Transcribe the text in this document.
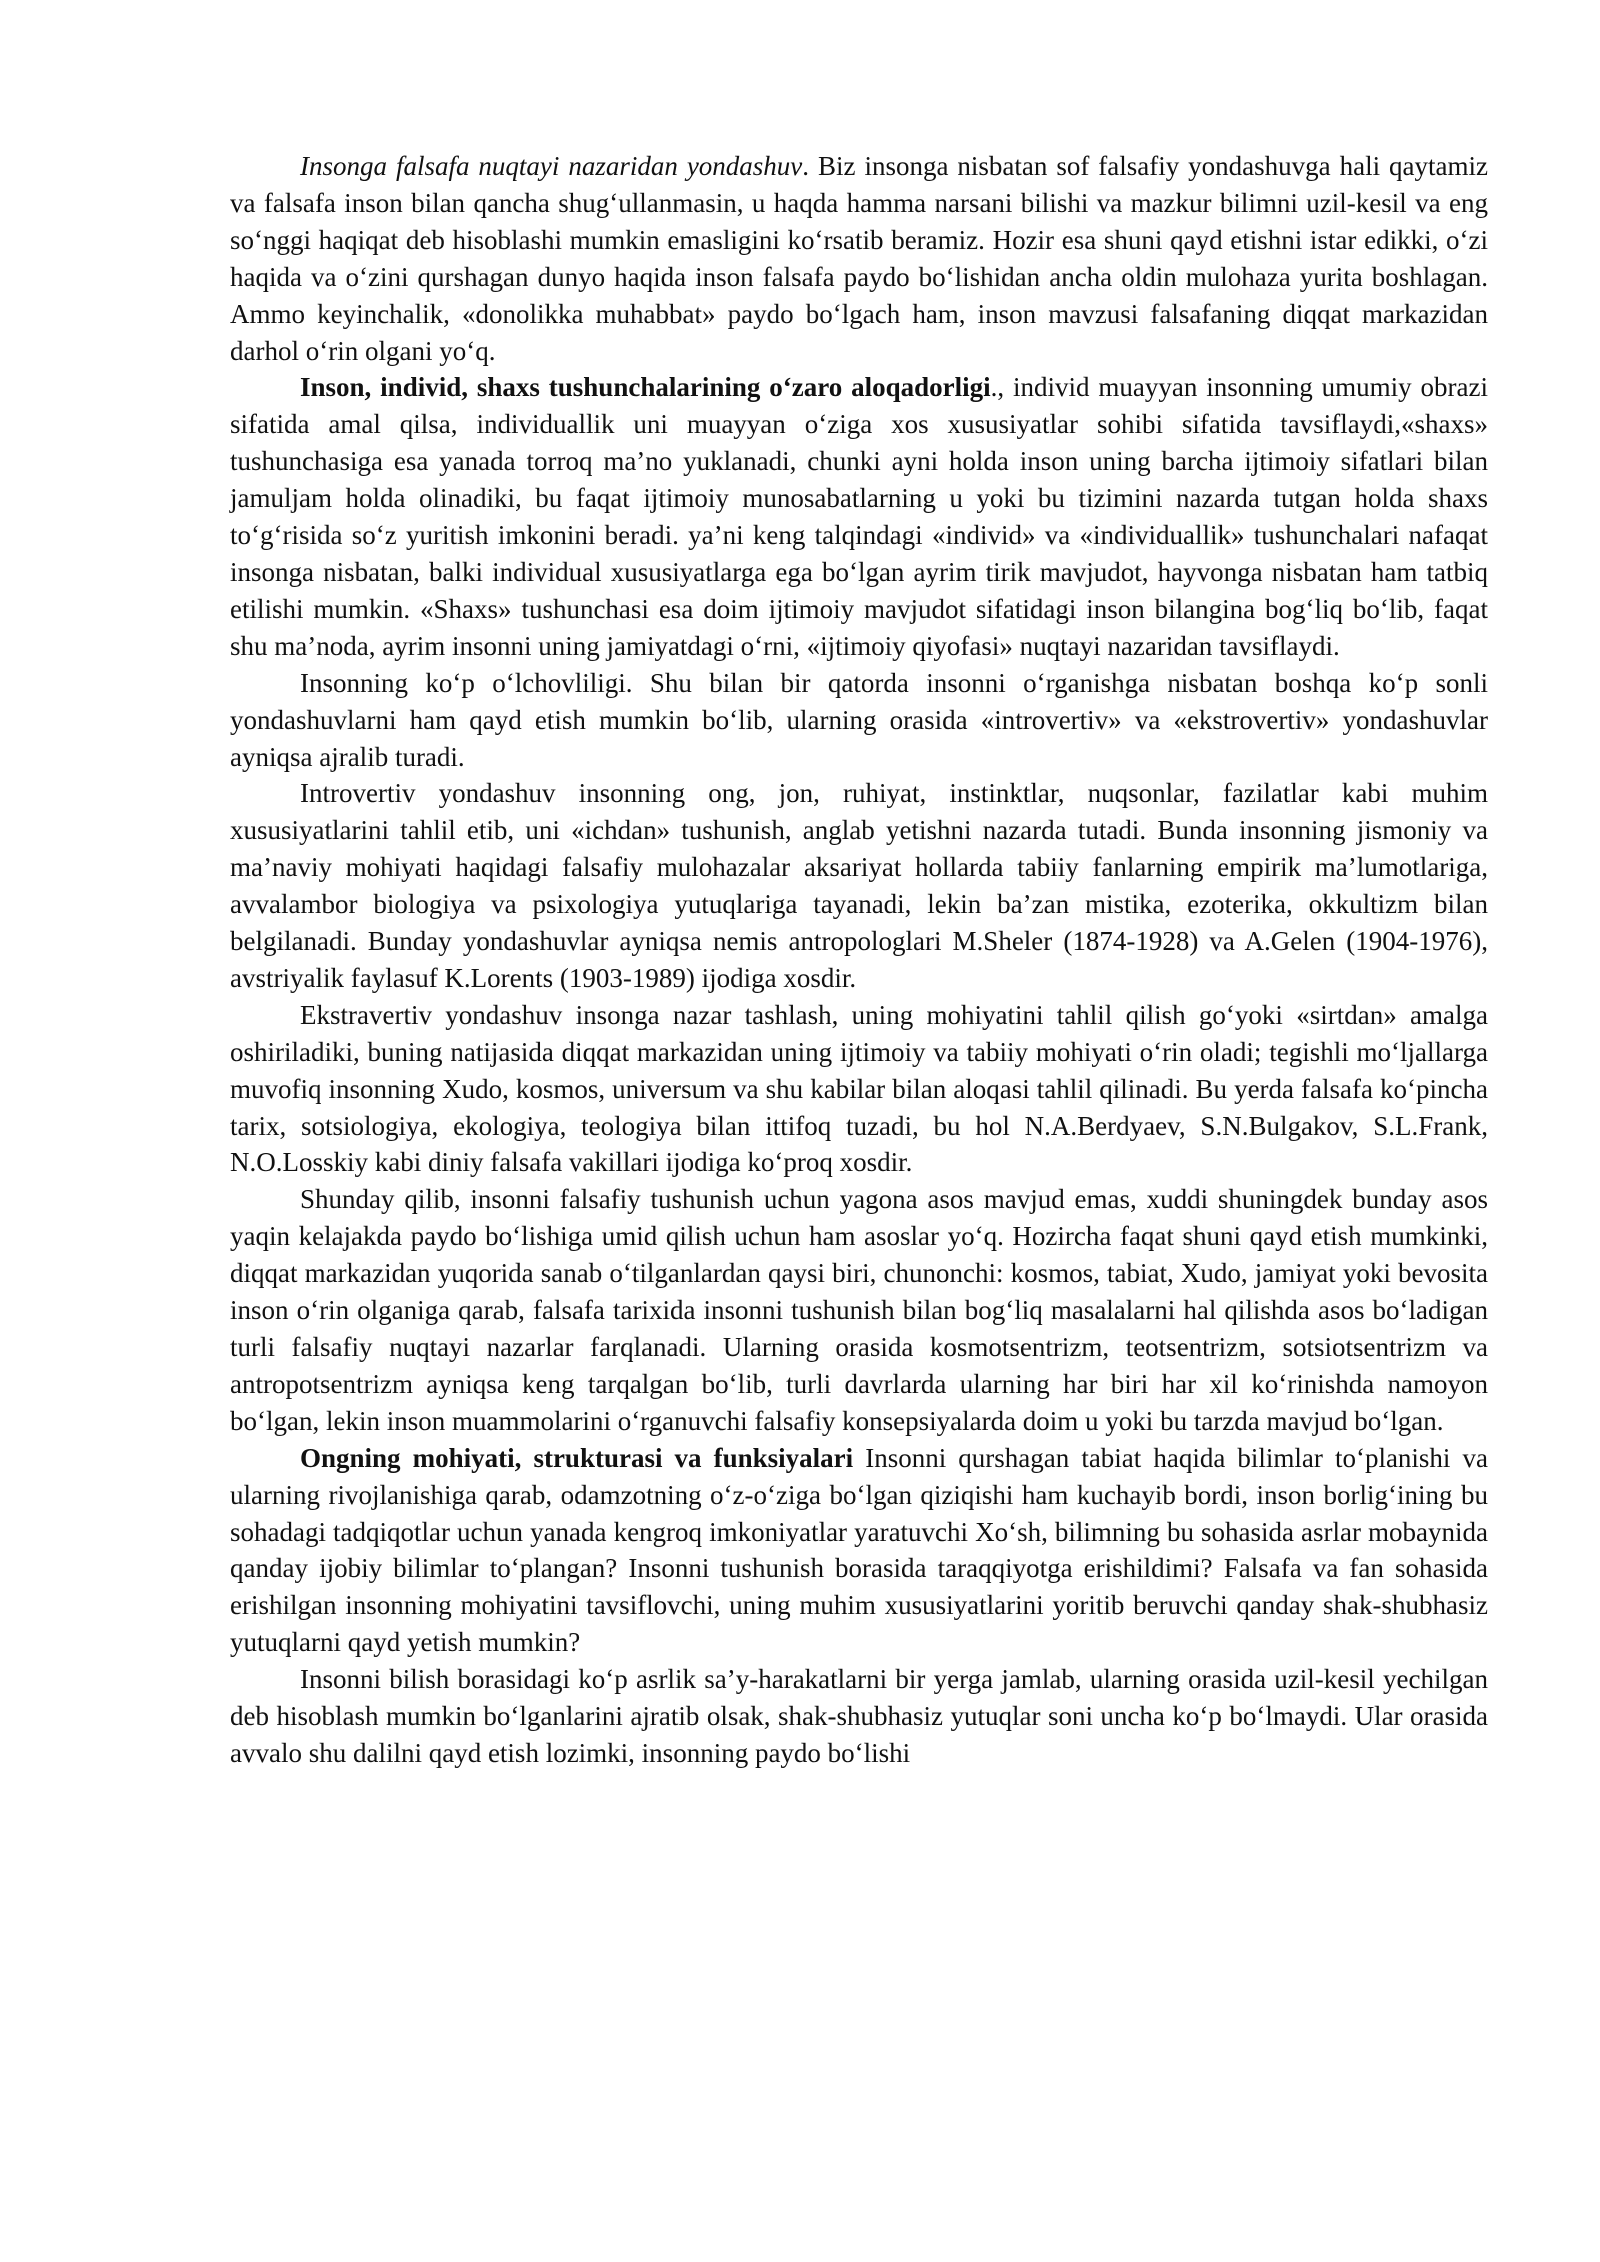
Insonga falsafa nuqtayi nazaridan yondashuv. Biz insonga nisbatan sof falsafiy yondashuvga hali qaytamiz va falsafa inson bilan qancha shug‘ullanmasin, u haqda hamma narsani bilishi va mazkur bilimni uzil-kesil va eng so‘nggi haqiqat deb hisoblashi mumkin emasligini ko‘rsatib beramiz. Hozir esa shuni qayd etishni istar edikki, o‘zi haqida va o‘zini qurshagan dunyo haqida inson falsafa paydo bo‘lishidan ancha oldin mulohaza yurita boshlagan. Ammo keyinchalik, «donolikka muhabbat» paydo bo‘lgach ham, inson mavzusi falsafaning diqqat markazidan darhol o‘rin olgani yo‘q.

Inson, individ, shaxs tushunchalarining o‘zaro aloqadorligi., individ muayyan insonning umumiy obrazi sifatida amal qilsa, individuallik uni muayyan o‘ziga xos xususiyatlar sohibi sifatida tavsiflaydi,«shaxs» tushunchasiga esa yanada torroq ma’no yuklanadi, chunki ayni holda inson uning barcha ijtimoiy sifatlari bilan jamuljam holda olinadiki, bu faqat ijtimoiy munosabatlarning u yoki bu tizimini nazarda tutgan holda shaxs to‘g‘risida so‘z yuritish imkonini beradi. ya’ni keng talqindagi «individ» va «individuallik» tushunchalari nafaqat insonga nisbatan, balki individual xususiyatlarga ega bo‘lgan ayrim tirik mavjudot, hayvonga nisbatan ham tatbiq etilishi mumkin. «Shaxs» tushunchasi esa doim ijtimoiy mavjudot sifatidagi inson bilangina bog‘liq bo‘lib, faqat shu ma’noda, ayrim insonni uning jamiyatdagi o‘rni, «ijtimoiy qiyofasi» nuqtayi nazaridan tavsiflaydi.

Insonning ko‘p o‘lchovliligi. Shu bilan bir qatorda insonni o‘rganishga nisbatan boshqa ko‘p sonli yondashuvlarni ham qayd etish mumkin bo‘lib, ularning orasida «introvertiv» va «ekstrovertiv» yondashuvlar ayniqsa ajralib turadi.

Introvertiv yondashuv insonning ong, jon, ruhiyat, instinktlar, nuqsonlar, fazilatlar kabi muhim xususiyatlarini tahlil etib, uni «ichdan» tushunish, anglab yetishni nazarda tutadi. Bunda insonning jismoniy va ma’naviy mohiyati haqidagi falsafiy mulohazalar aksariyat hollarda tabiiy fanlarning empirik ma’lumotlariga, avvalambor biologiya va psixologiya yutuqlariga tayanadi, lekin ba’zan mistika, ezoterika, okkultizm bilan belgilanadi. Bunday yondashuvlar ayniqsa nemis antropologlari M.Sheler (1874-1928) va A.Gelen (1904-1976), avstriyalik faylasuf K.Lorents (1903-1989) ijodiga xosdir.

Ekstravertiv yondashuv insonga nazar tashlash, uning mohiyatini tahlil qilish go‘yoki «sirtdan» amalga oshiriladiki, buning natijasida diqqat markazidan uning ijtimoiy va tabiiy mohiyati o‘rin oladi; tegishli mo‘ljallarga muvofiq insonning Xudo, kosmos, universum va shu kabilar bilan aloqasi tahlil qilinadi. Bu yerda falsafa ko‘pincha tarix, sotsiologiya, ekologiya, teologiya bilan ittifoq tuzadi, bu hol N.A.Berdyaev, S.N.Bulgakov, S.L.Frank, N.O.Losskiy kabi diniy falsafa vakillari ijodiga ko‘proq xosdir.

Shunday qilib, insonni falsafiy tushunish uchun yagona asos mavjud emas, xuddi shuningdek bunday asos yaqin kelajakda paydo bo‘lishiga umid qilish uchun ham asoslar yo‘q. Hozircha faqat shuni qayd etish mumkinki, diqqat markazidan yuqorida sanab o‘tilganlardan qaysi biri, chunonchi: kosmos, tabiat, Xudo, jamiyat yoki bevosita inson o‘rin olganiga qarab, falsafa tarixida insonni tushunish bilan bog‘liq masalalarni hal qilishda asos bo‘ladigan turli falsafiy nuqtayi nazarlar farqlanadi. Ularning orasida kosmotsentrizm, teotsentrizm, sotsiotsentrizm va antropotsentrizm ayniqsa keng tarqalgan bo‘lib, turli davrlarda ularning har biri har xil ko‘rinishda namoyon bo‘lgan, lekin inson muammolarini o‘rganuvchi falsafiy konsepsiyalarda doim u yoki bu tarzda mavjud bo‘lgan.

Ongning mohiyati, strukturasi va funksiyalari Insonni qurshagan tabiat haqida bilimlar to‘planishi va ularning rivojlanishiga qarab, odamzotning o‘z-o‘ziga bo‘lgan qiziqishi ham kuchayib bordi, inson borlig‘ining bu sohadagi tadqiqotlar uchun yanada kengroq imkoniyatlar yaratuvchi Xo‘sh, bilimning bu sohasida asrlar mobaynida qanday ijobiy bilimlar to‘plangan? Insonni tushunish borasida taraqqiyotga erishildimi? Falsafa va fan sohasida erishilgan insonning mohiyatini tavsiflovchi, uning muhim xususiyatlarini yoritib beruvchi qanday shak-shubhasiz yutuqlarni qayd yetish mumkin?

Insonni bilish borasidagi ko‘p asrlik sa’y-harakatlarni bir yerga jamlab, ularning orasida uzil-kesil yechilgan deb hisoblash mumkin bo‘lganlarini ajratib olsak, shak-shubhasiz yutuqlar soni uncha ko‘p bo‘lmaydi. Ular orasida avvalo shu dalilni qayd etish lozimki, insonning paydo bo‘lishi
